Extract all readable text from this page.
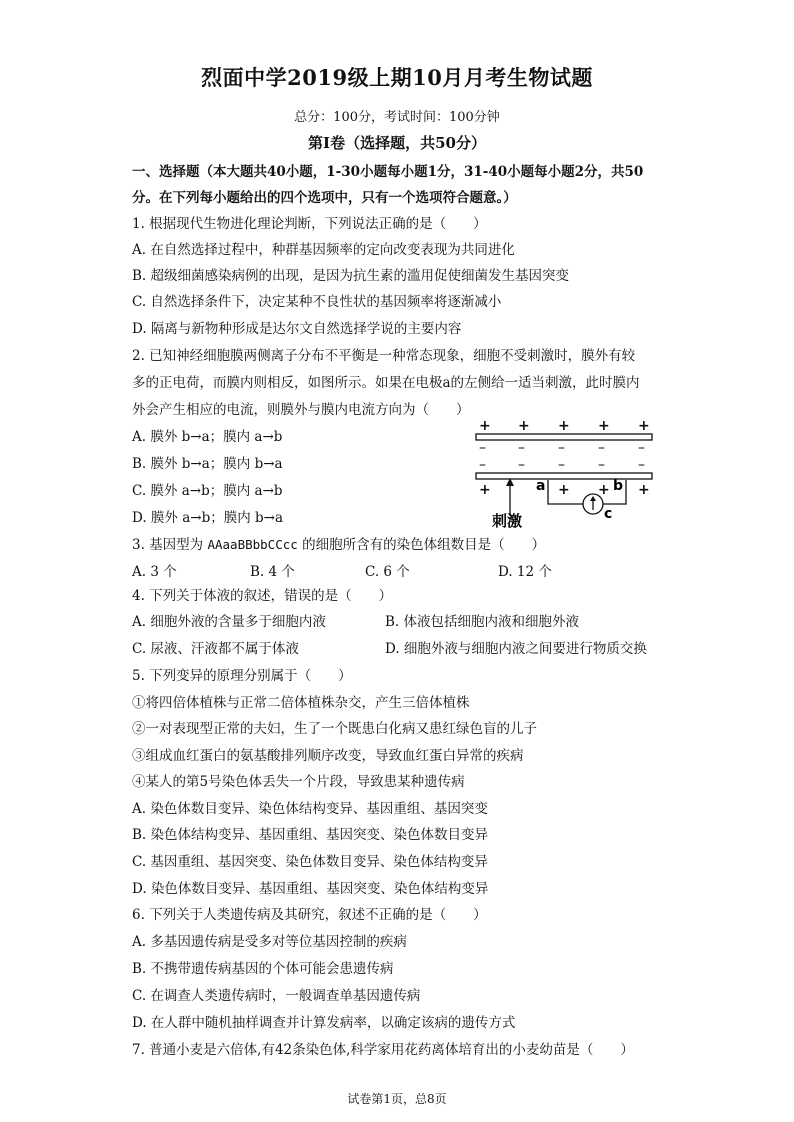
烈面中学2019级上期10月月考生物试题
总分：100分，考试时间：100分钟
第Ⅰ卷（选择题，共50分）
一、选择题（本大题共40小题，1-30小题每小题1分，31-40小题每小题2分，共50
分。在下列每小题给出的四个选项中，只有一个选项符合题意。）
1. 根据现代生物进化理论判断，下列说法正确的是（　　）
A. 在自然选择过程中，种群基因频率的定向改变表现为共同进化
B. 超级细菌感染病例的出现，是因为抗生素的滥用促使细菌发生基因突变
C. 自然选择条件下，决定某种不良性状的基因频率将逐渐减小
D. 隔离与新物种形成是达尔文自然选择学说的主要内容
2. 已知神经细胞膜两侧离子分布不平衡是一种常态现象，细胞不受刺激时，膜外有较
多的正电荷，而膜内则相反，如图所示。如果在电极a的左侧给一适当刺激，此时膜内
外会产生相应的电流，则膜外与膜内电流方向为（　　）
A. 膜外 b→a；膜内 a→b
B. 膜外 b→a；膜内 b→a
C. 膜外 a→b；膜内 a→b
D. 膜外 a→b；膜内 b→a
+ + + + +
– – – – –
– – – – –
+	+ + +
a	b
c
刺激
3. 基因型为 AAaaBBbbCCcc 的细胞所含有的染色体组数目是（　　）
A. 3 个	B. 4 个	C. 6 个	D. 12 个
4. 下列关于体液的叙述，错误的是（　　）
A. 细胞外液的含量多于细胞内液	B. 体液包括细胞内液和细胞外液
C. 尿液、汗液都不属于体液	D. 细胞外液与细胞内液之间要进行物质交换
5. 下列变异的原理分别属于（　　）
①将四倍体植株与正常二倍体植株杂交，产生三倍体植株
②一对表现型正常的夫妇，生了一个既患白化病又患红绿色盲的儿子
③组成血红蛋白的氨基酸排列顺序改变，导致血红蛋白异常的疾病
④某人的第5号染色体丢失一个片段，导致患某种遗传病
A. 染色体数目变异、染色体结构变异、基因重组、基因突变
B. 染色体结构变异、基因重组、基因突变、染色体数目变异
C. 基因重组、基因突变、染色体数目变异、染色体结构变异
D. 染色体数目变异、基因重组、基因突变、染色体结构变异
6. 下列关于人类遗传病及其研究，叙述不正确的是（　　）
A. 多基因遗传病是受多对等位基因控制的疾病
B. 不携带遗传病基因的个体可能会患遗传病
C. 在调查人类遗传病时，一般调查单基因遗传病
D. 在人群中随机抽样调查并计算发病率，以确定该病的遗传方式
7. 普通小麦是六倍体,有42条染色体,科学家用花药离体培育出的小麦幼苗是（　　）
试卷第1页，总8页
